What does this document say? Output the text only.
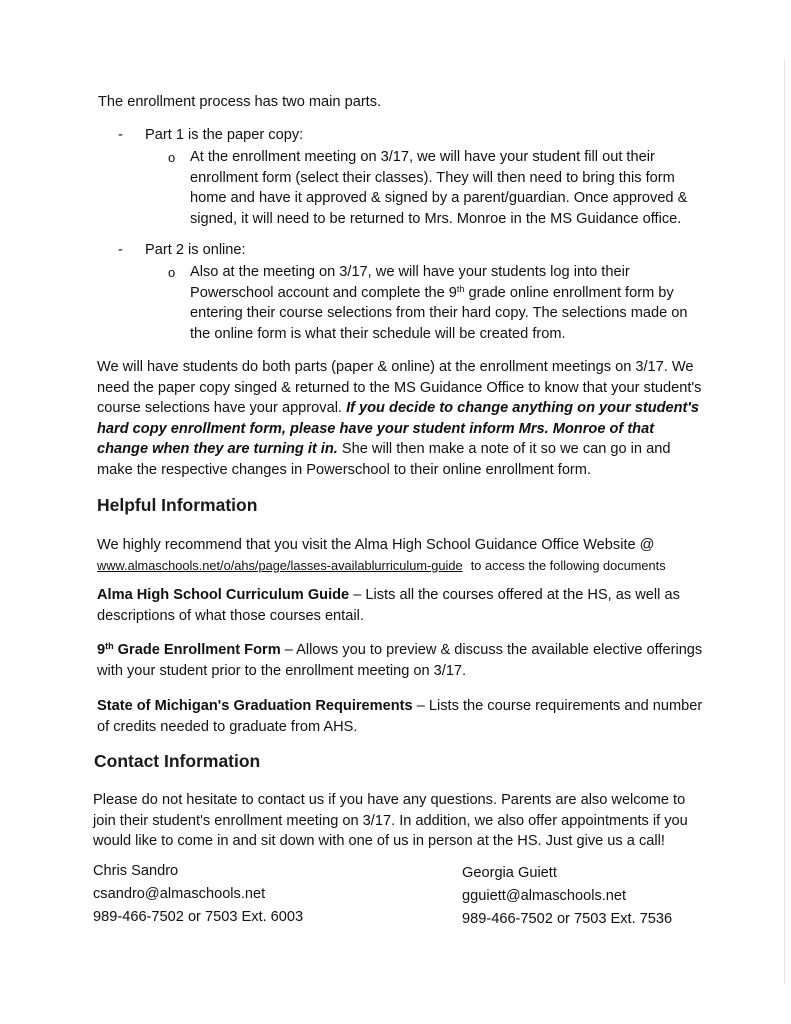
The enrollment process has two main parts.

- Part 1 is the paper copy:

o At the enrollment meeting on 3/17, we will have your student fill out their enrollment form (select their classes). They will then need to bring this form home and have it approved & signed by a parent/guardian. Once approved & signed, it will need to be returned to Mrs. Monroe in the MS Guidance office.

- Part 2 is online:

o Also at the meeting on 3/17, we will have your students log into their Powerschool account and complete the 9th grade online enrollment form by entering their course selections from their hard copy. The selections made on the online form is what their schedule will be created from.

We will have students do both parts (paper & online) at the enrollment meetings on 3/17. We need the paper copy singed & returned to the MS Guidance Office to know that your student's course selections have your approval. If you decide to change anything on your student's hard copy enrollment form, please have your student inform Mrs. Monroe of that change when they are turning it in. She will then make a note of it so we can go in and make the respective changes in Powerschool to their online enrollment form.

Helpful Information

We highly recommend that you visit the Alma High School Guidance Office Website @
www.almaschools.net/o/ahs/page/lasses-availablurriculum-guide to access the following documents

Alma High School Curriculum Guide – Lists all the courses offered at the HS, as well as descriptions of what those courses entail.

9th Grade Enrollment Form – Allows you to preview & discuss the available elective offerings with your student prior to the enrollment meeting on 3/17.

State of Michigan's Graduation Requirements – Lists the course requirements and number of credits needed to graduate from AHS.

Contact Information

Please do not hesitate to contact us if you have any questions. Parents are also welcome to join their student's enrollment meeting on 3/17. In addition, we also offer appointments if you would like to come in and sit down with one of us in person at the HS. Just give us a call!

Chris Sandro
csandro@almaschools.net
989-466-7502 or 7503 Ext. 6003
Georgia Guiett
gguiett@almaschools.net
989-466-7502 or 7503 Ext. 7536
